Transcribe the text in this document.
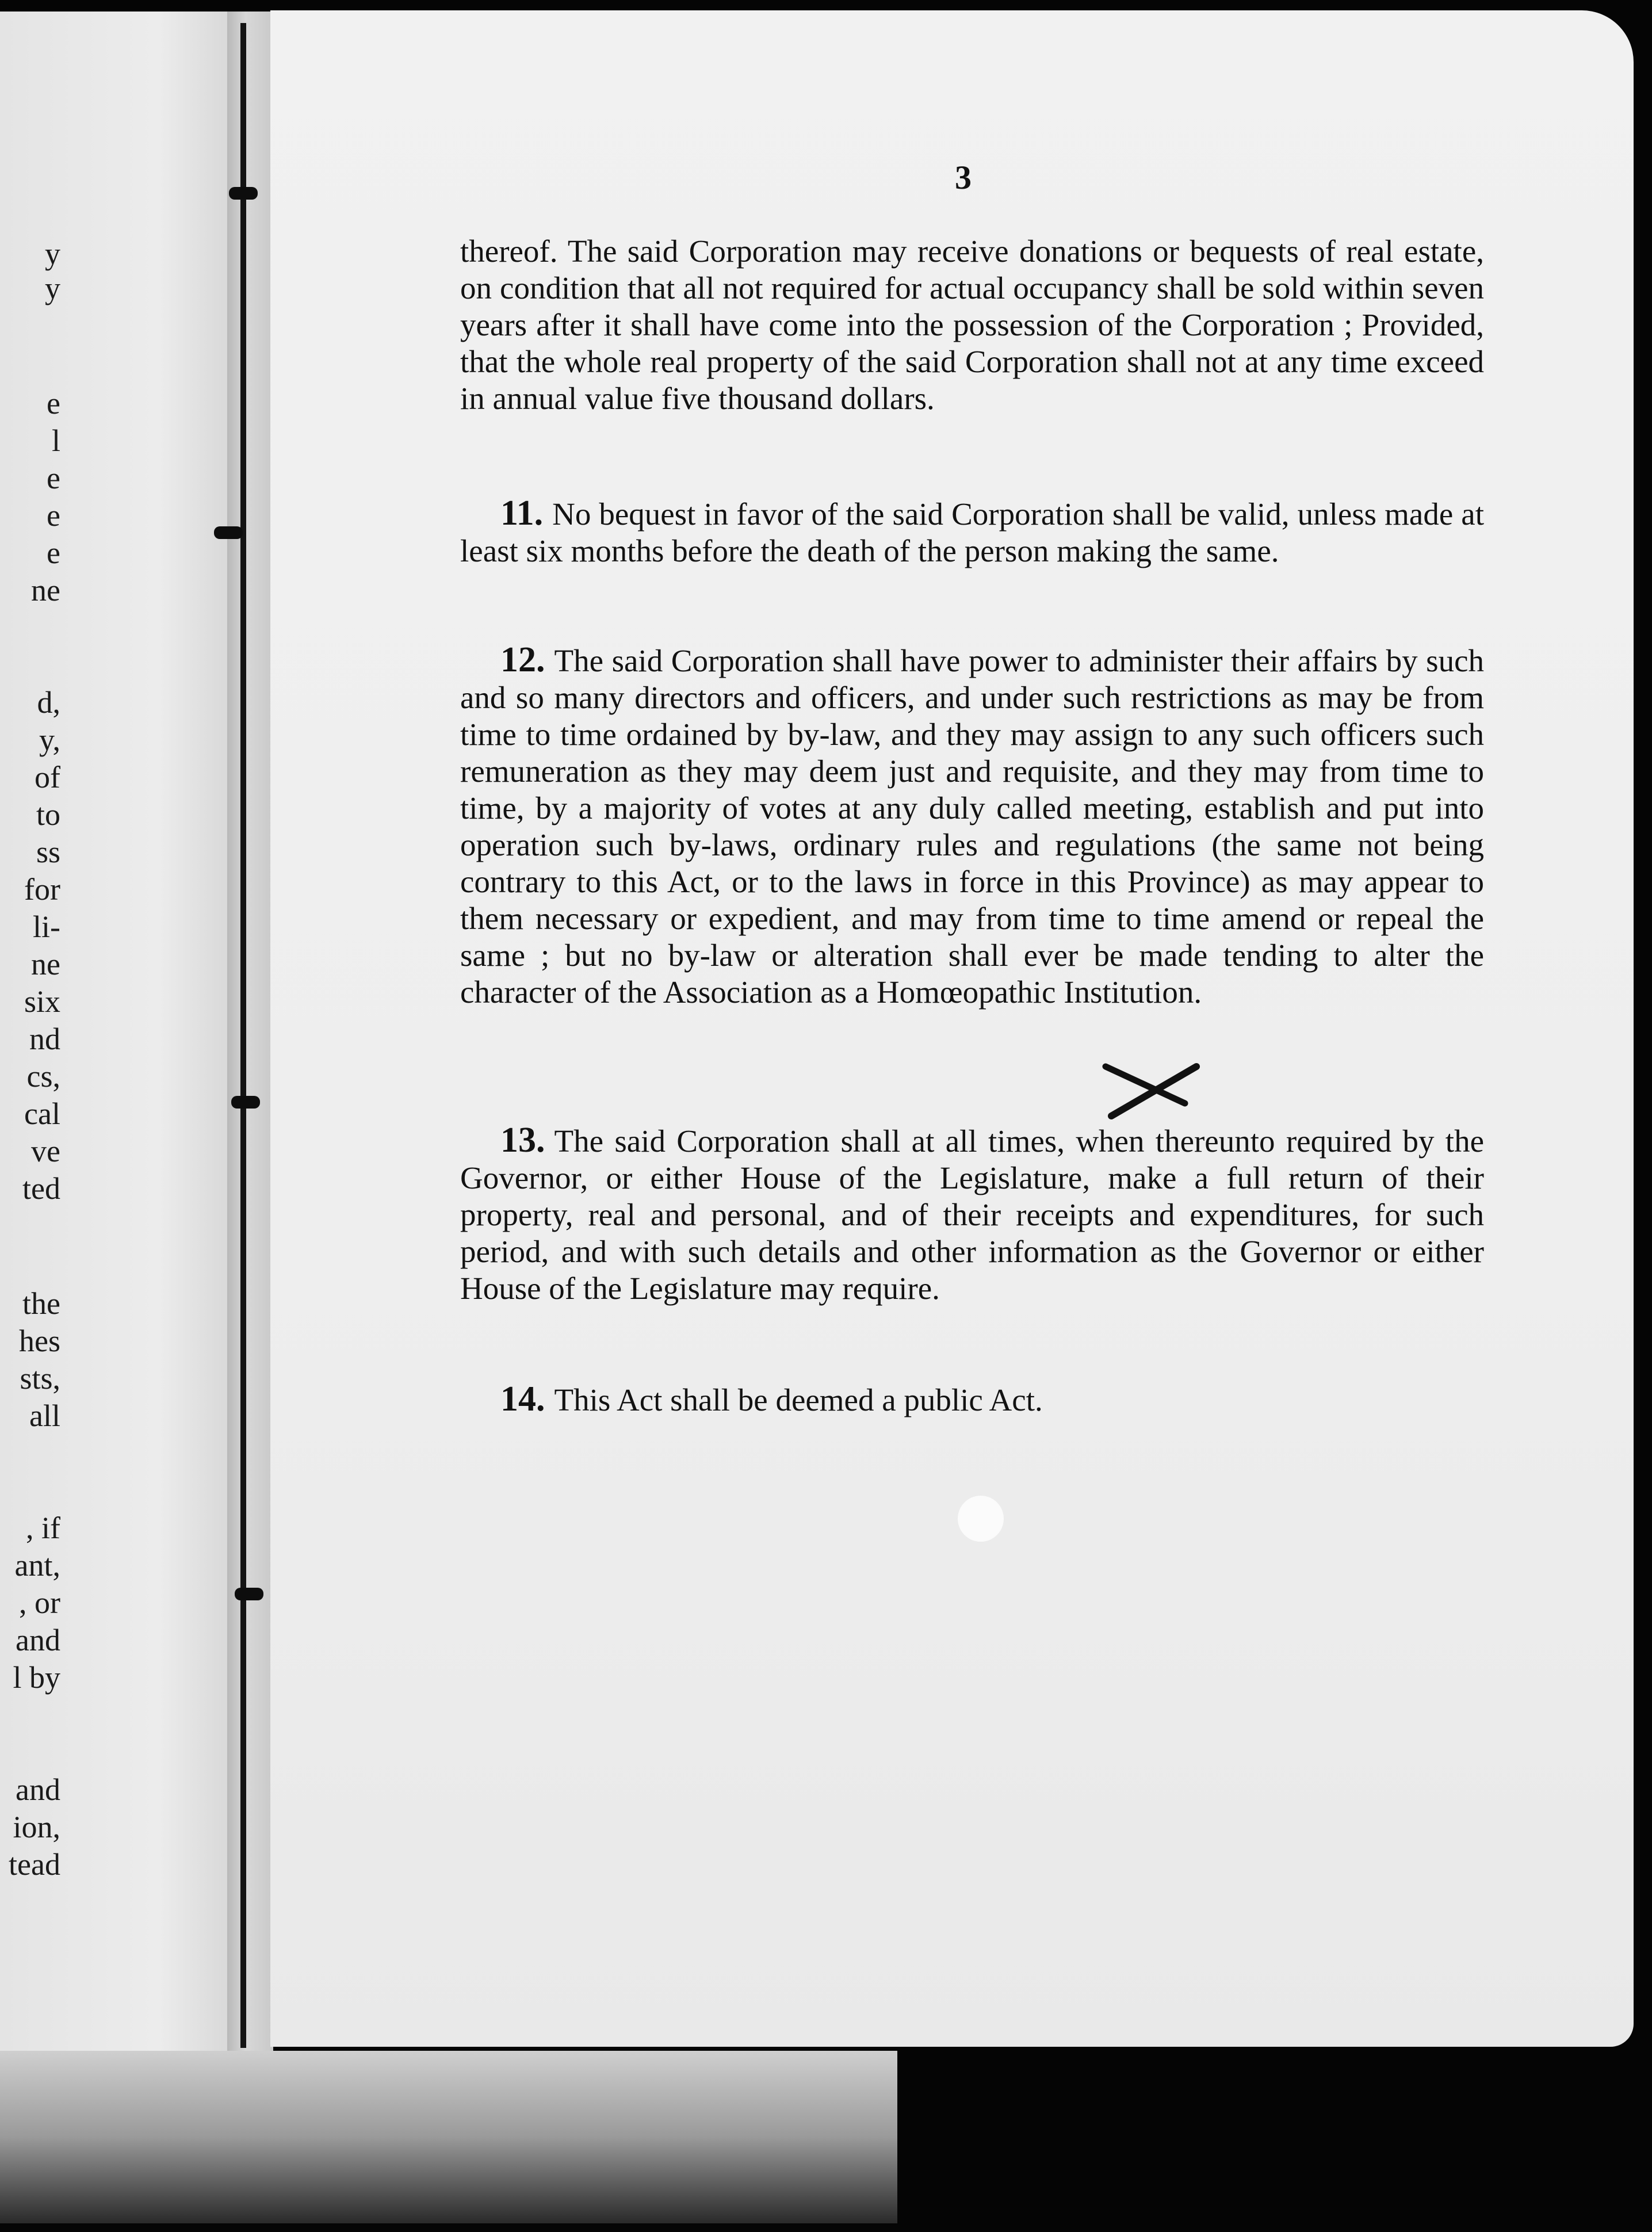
y
y
e
l
e
e
e
ne
d,
y,
of
to
ss
for
li-
ne
six
nd
cs,
cal
ve
ted
the
hes
sts,
all
, if
ant,
, or
and
l by
and
ion,
tead
3

thereof. The said Corporation may receive donations or bequests of real estate, on condition that all not required for actual occupancy shall be sold within seven years after it shall have come into the possession of the Corporation ; Provided, that the whole real property of the said Corporation shall not at any time exceed in annual value five thousand dollars.

11. No bequest in favor of the said Corporation shall be valid, unless made at least six months before the death of the person making the same.

12. The said Corporation shall have power to administer their affairs by such and so many directors and officers, and under such restrictions as may be from time to time ordained by by-law, and they may assign to any such officers such remuneration as they may deem just and requisite, and they may from time to time, by a majority of votes at any duly called meeting, establish and put into operation such by-laws, ordinary rules and regulations (the same not being contrary to this Act, or to the laws in force in this Province) as may appear to them necessary or expedient, and may from time to time amend or repeal the same ; but no by-law or alteration shall ever be made tending to alter the character of the Association as a Homœopathic Institution.

13. The said Corporation shall at all times, when thereunto required by the Governor, or either House of the Legislature, make a full return of their property, real and personal, and of their receipts and expenditures, for such period, and with such details and other information as the Governor or either House of the Legislature may require.

14. This Act shall be deemed a public Act.
